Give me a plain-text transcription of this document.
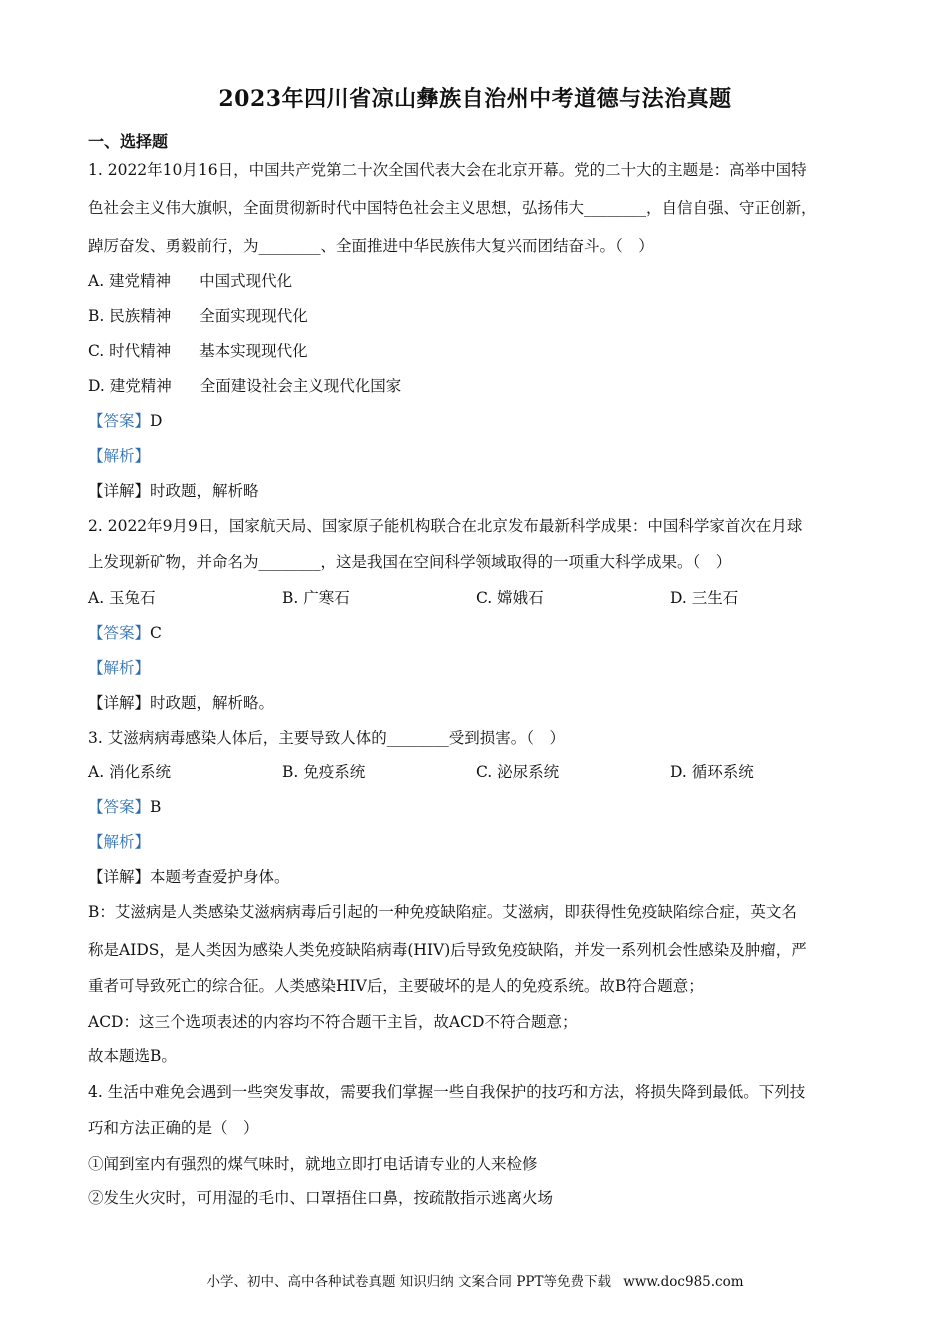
2023年四川省凉山彝族自治州中考道德与法治真题
一、选择题
1. 2022年10月16日，中国共产党第二十次全国代表大会在北京开幕。党的二十大的主题是：高举中国特
色社会主义伟大旗帜，全面贯彻新时代中国特色社会主义思想，弘扬伟大________，自信自强、守正创新，
踔厉奋发、勇毅前行，为________、全面推进中华民族伟大复兴而团结奋斗。（　）
A. 建党精神 中国式现代化
B. 民族精神 全面实现现代化
C. 时代精神 基本实现现代化
D. 建党精神 全面建设社会主义现代化国家
【答案】D
【解析】
【详解】时政题，解析略
2. 2022年9月9日，国家航天局、国家原子能机构联合在北京发布最新科学成果：中国科学家首次在月球
上发现新矿物，并命名为________，这是我国在空间科学领域取得的一项重大科学成果。（　）
A. 玉兔石	B. 广寒石	C. 嫦娥石	D. 三生石
【答案】C
【解析】
【详解】时政题，解析略。
3. 艾滋病病毒感染人体后，主要导致人体的________受到损害。（　）
A. 消化系统	B. 免疫系统	C. 泌尿系统	D. 循环系统
【答案】B
【解析】
【详解】本题考查爱护身体。
B：艾滋病是人类感染艾滋病病毒后引起的一种免疫缺陷症。艾滋病，即获得性免疫缺陷综合症，英文名
称是AIDS，是人类因为感染人类免疫缺陷病毒(HIV)后导致免疫缺陷，并发一系列机会性感染及肿瘤，严
重者可导致死亡的综合征。人类感染HIV后，主要破坏的是人的免疫系统。故B符合题意；
ACD：这三个选项表述的内容均不符合题干主旨，故ACD不符合题意；
故本题选B。
4. 生活中难免会遇到一些突发事故，需要我们掌握一些自我保护的技巧和方法，将损失降到最低。下列技
巧和方法正确的是（　）
①闻到室内有强烈的煤气味时，就地立即打电话请专业的人来检修
②发生火灾时，可用湿的毛巾、口罩捂住口鼻，按疏散指示逃离火场
小学、初中、高中各种试卷真题 知识归纳 文案合同 PPT等免费下载 www.doc985.com
